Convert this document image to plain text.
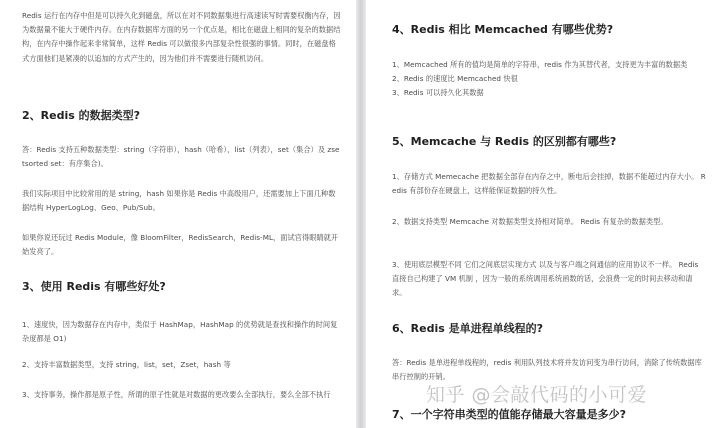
Redis 运行在内存中但是可以持久化到磁盘，所以在对不同数据集进行高速读写时需要权衡内存，因为数据量不能大于硬件内存。在内存数据库方面的另一个优点是，相比在磁盘上相同的复杂的数据结构，在内存中操作起来非常简单，这样 Redis 可以做很多内部复杂性很强的事情。同时，在磁盘格式方面他们是紧凑的以追加的方式产生的，因为他们并不需要进行随机访问。

2、Redis 的数据类型?

答：Redis 支持五种数据类型：string（字符串），hash（哈希），list（列表），set（集合）及 zsetsorted set：有序集合)。

我们实际项目中比较常用的是 string，hash 如果你是 Redis 中高级用户，还需要加上下面几种数据结构 HyperLogLog、Geo、Pub/Sub。

如果你说还玩过 Redis Module，像 BloomFilter，RedisSearch，Redis-ML，面试官得眼睛就开始发亮了。

3、使用 Redis 有哪些好处?

1、速度快，因为数据存在内存中，类似于 HashMap，HashMap 的优势就是查找和操作的时间复杂度都是 O1)

2、支持丰富数据类型，支持 string，list，set，Zset，hash 等

3、支持事务，操作都是原子性，所谓的原子性就是对数据的更改要么全部执行，要么全部不执行

4、Redis 相比 Memcached 有哪些优势?

1、Memcached 所有的值均是简单的字符串，redis 作为其替代者，支持更为丰富的数据类
2、Redis 的速度比 Memcached 快很
3、Redis 可以持久化其数据

5、Memcache 与 Redis 的区别都有哪些?

1、存储方式 Memecache 把数据全部存在内存之中，断电后会挂掉，数据不能超过内存大小。 Redis 有部份存在硬盘上，这样能保证数据的持久性。

2、数据支持类型 Memcache 对数据类型支持相对简单。 Redis 有复杂的数据类型。

3、使用底层模型不同 它们之间底层实现方式 以及与客户端之间通信的应用协议不一样。 Redis 直接自己构建了 VM 机制 ，因为一般的系统调用系统函数的话，会浪费一定的时间去移动和请求。

6、Redis 是单进程单线程的?

答：Redis 是单进程单线程的，redis 利用队列技术将并发访问变为串行访问，消除了传统数据库串行控制的开销。

7、一个字符串类型的值能存储最大容量是多少?
知乎 @会敲代码的小可爱
